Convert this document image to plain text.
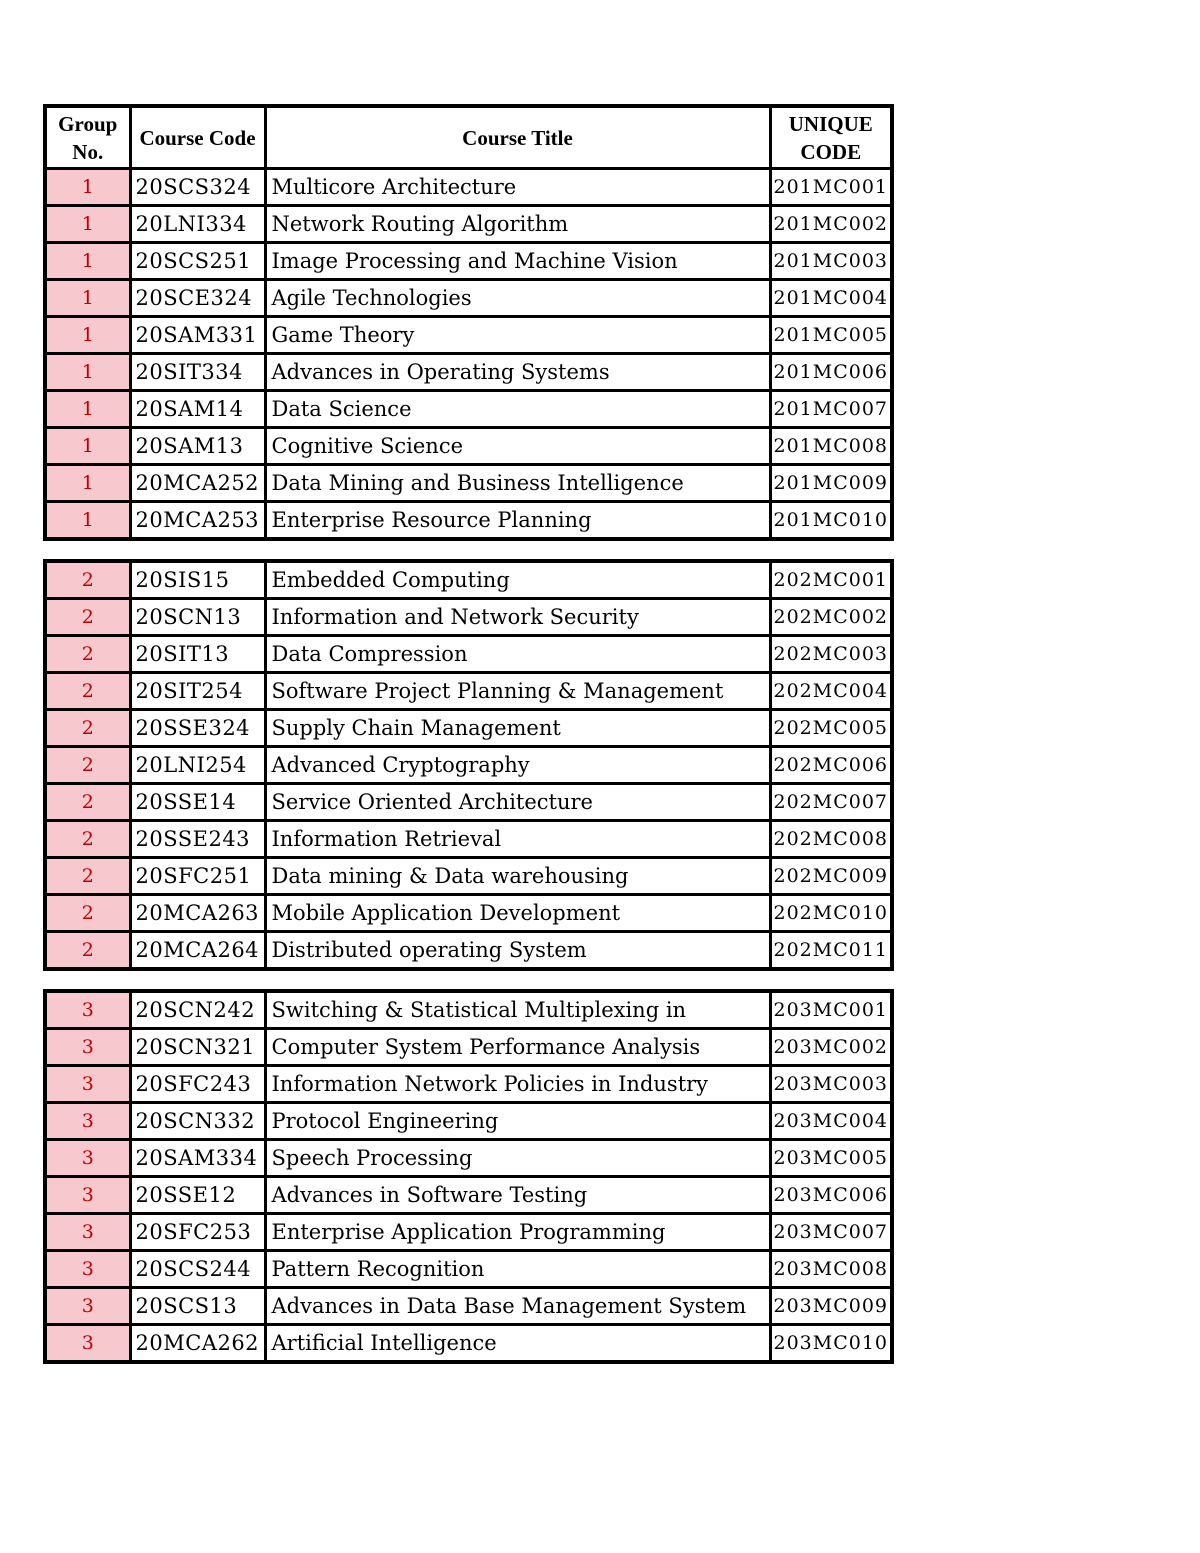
Group No.	Course Code	Course Title	UNIQUE CODE
1	20SCS324	Multicore Architecture	201MC001
1	20LNI334	Network Routing Algorithm	201MC002
1	20SCS251	Image Processing and Machine Vision	201MC003
1	20SCE324	Agile Technologies	201MC004
1	20SAM331	Game Theory	201MC005
1	20SIT334	Advances in Operating Systems	201MC006
1	20SAM14	Data Science	201MC007
1	20SAM13	Cognitive Science	201MC008
1	20MCA252	Data Mining and Business Intelligence	201MC009
1	20MCA253	Enterprise Resource Planning	201MC010
2	20SIS15	Embedded Computing	202MC001
2	20SCN13	Information and Network Security	202MC002
2	20SIT13	Data Compression	202MC003
2	20SIT254	Software Project Planning & Management	202MC004
2	20SSE324	Supply Chain Management	202MC005
2	20LNI254	Advanced Cryptography	202MC006
2	20SSE14	Service Oriented Architecture	202MC007
2	20SSE243	Information Retrieval	202MC008
2	20SFC251	Data mining & Data warehousing	202MC009
2	20MCA263	Mobile Application Development	202MC010
2	20MCA264	Distributed operating System	202MC011
3	20SCN242	Switching & Statistical Multiplexing in	203MC001
3	20SCN321	Computer System Performance Analysis	203MC002
3	20SFC243	Information Network Policies in Industry	203MC003
3	20SCN332	Protocol Engineering	203MC004
3	20SAM334	Speech Processing	203MC005
3	20SSE12	Advances in Software Testing	203MC006
3	20SFC253	Enterprise Application Programming	203MC007
3	20SCS244	Pattern Recognition	203MC008
3	20SCS13	Advances in Data Base Management System	203MC009
3	20MCA262	Artificial Intelligence	203MC010
